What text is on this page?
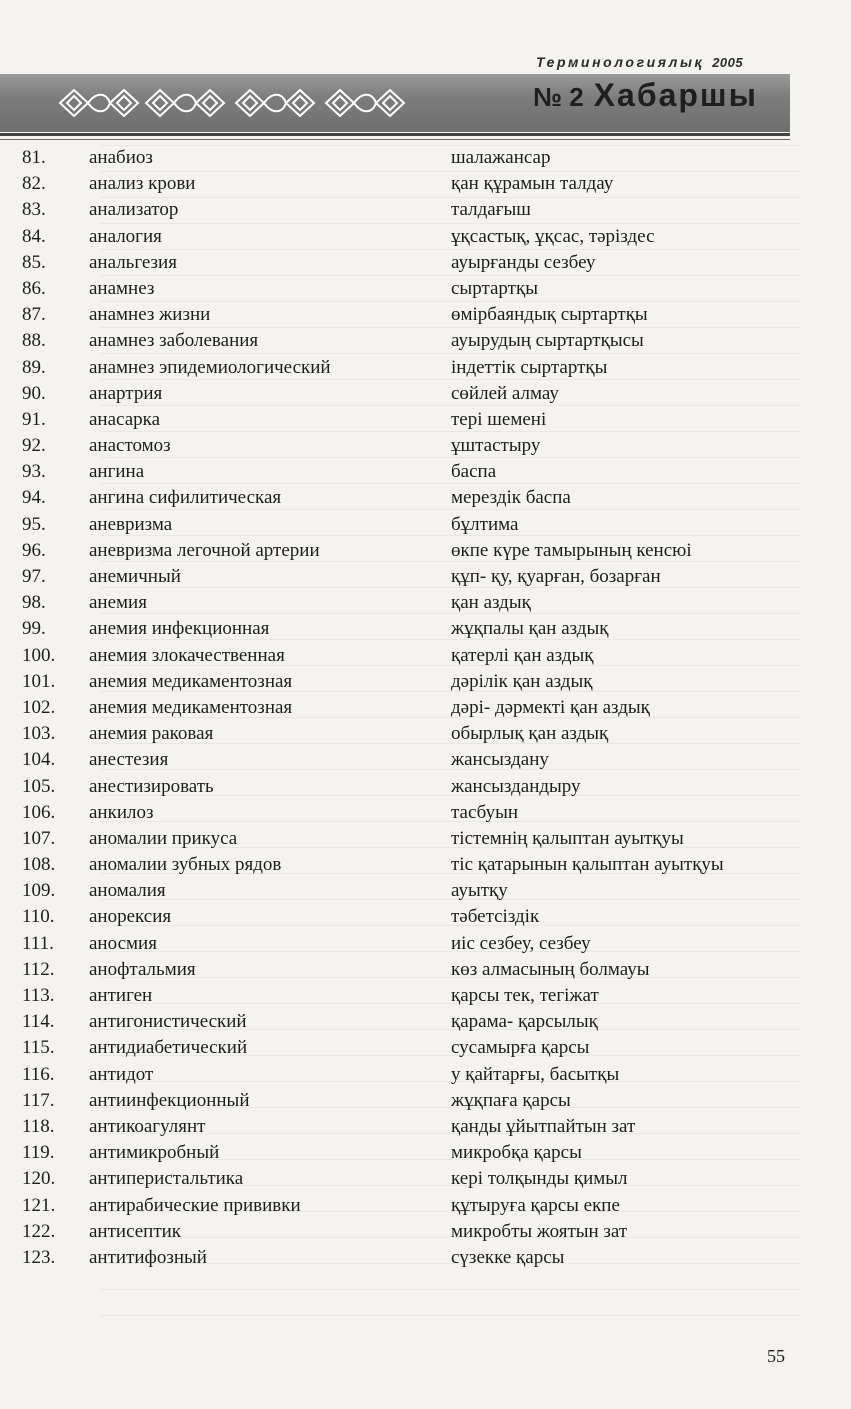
Терминологиялық 2005
№ 2 Хабаршы
81. анабиоз	шалажансар
82. анализ крови	қан құрамын талдау
83. анализатор	талдағыш
84. аналогия	ұқсастық, ұқсас, тәріздес
85. анальгезия	ауырғанды сезбеу
86. анамнез	сыртартқы
87. анамнез жизни	өмірбаяндық сыртартқы
88. анамнез заболевания	ауырудың сыртартқысы
89. анамнез эпидемиологический	індеттік сыртартқы
90. анартрия	сөйлей алмау
91. анасарка	тері шемені
92. анастомоз	ұштастыру
93. ангина	баспа
94. ангина сифилитическая	мерездік баспа
95. аневризма	бұлтима
96. аневризма легочной артерии	өкпе күре тамырының кенсюі
97. анемичный	құп- қу, қуарған, бозарған
98. анемия	қан аздық
99. анемия инфекционная	жұқпалы қан аздық
100. анемия злокачественная	қатерлі қан аздық
101. анемия медикаментозная	дәрілік қан аздық
102. анемия медикаментозная	дәрі- дәрмекті қан аздық
103. анемия раковая	обырлық қан аздық
104. анестезия	жансыздану
105. анестизировать	жансыздандыру
106. анкилоз	тасбуын
107. аномалии прикуса	тістемнің қалыптан ауытқуы
108. аномалии зубных рядов	тіс қатарынын қалыптан ауытқуы
109. аномалия	ауытқу
110. анорексия	тәбетсіздік
111. аносмия	иіс сезбеу, сезбеу
112. анофтальмия	көз алмасының болмауы
113. антиген	қарсы тек, тегіжат
114. антигонистический	қарама- қарсылық
115. антидиабетический	сусамырға қарсы
116. антидот	у қайтарғы, басытқы
117. антиинфекционный	жұқпаға қарсы
118. антикоагулянт	қанды ұйытпайтын зат
119. антимикробный	микробқа қарсы
120. антиперистальтика	кері толқынды қимыл
121. антирабические прививки	құтыруға қарсы екпе
122. антисептик	микробты жоятын зат
123. антитифозный	сүзекке қарсы
55
